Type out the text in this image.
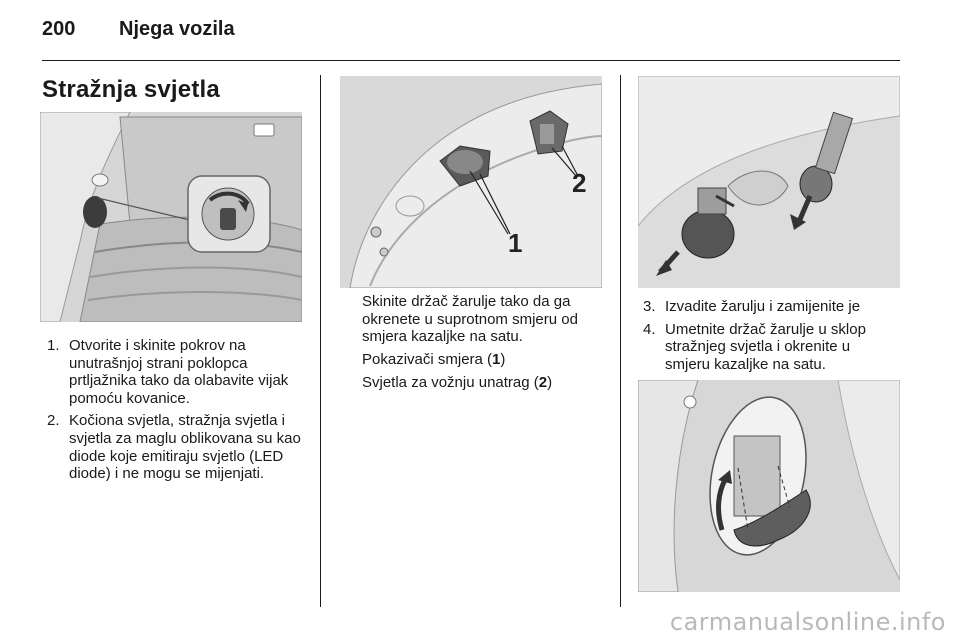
200 Njega vozila
Stražnja svjetla
1. Otvorite i skinite pokrov na unutrašnjoj strani poklopca prtljažnika tako da olabavite vijak pomoću kovanice.
2. Kočiona svjetla, stražnja svjetla i svjetla za maglu oblikovana su kao diode koje emitiraju svjetlo (LED diode) i ne mogu se mijenjati.
1
2

Skinite držač žarulje tako da ga okrenete u suprotnom smjeru od smjera kazaljke na satu.

Pokazivači smjera (1)

Svjetla za vožnju unatrag (2)

3. Izvadite žarulju i zamijenite je
4. Umetnite držač žarulje u sklop stražnjeg svjetla i okrenite u smjeru kazaljke na satu.
carmanualsonline.info
